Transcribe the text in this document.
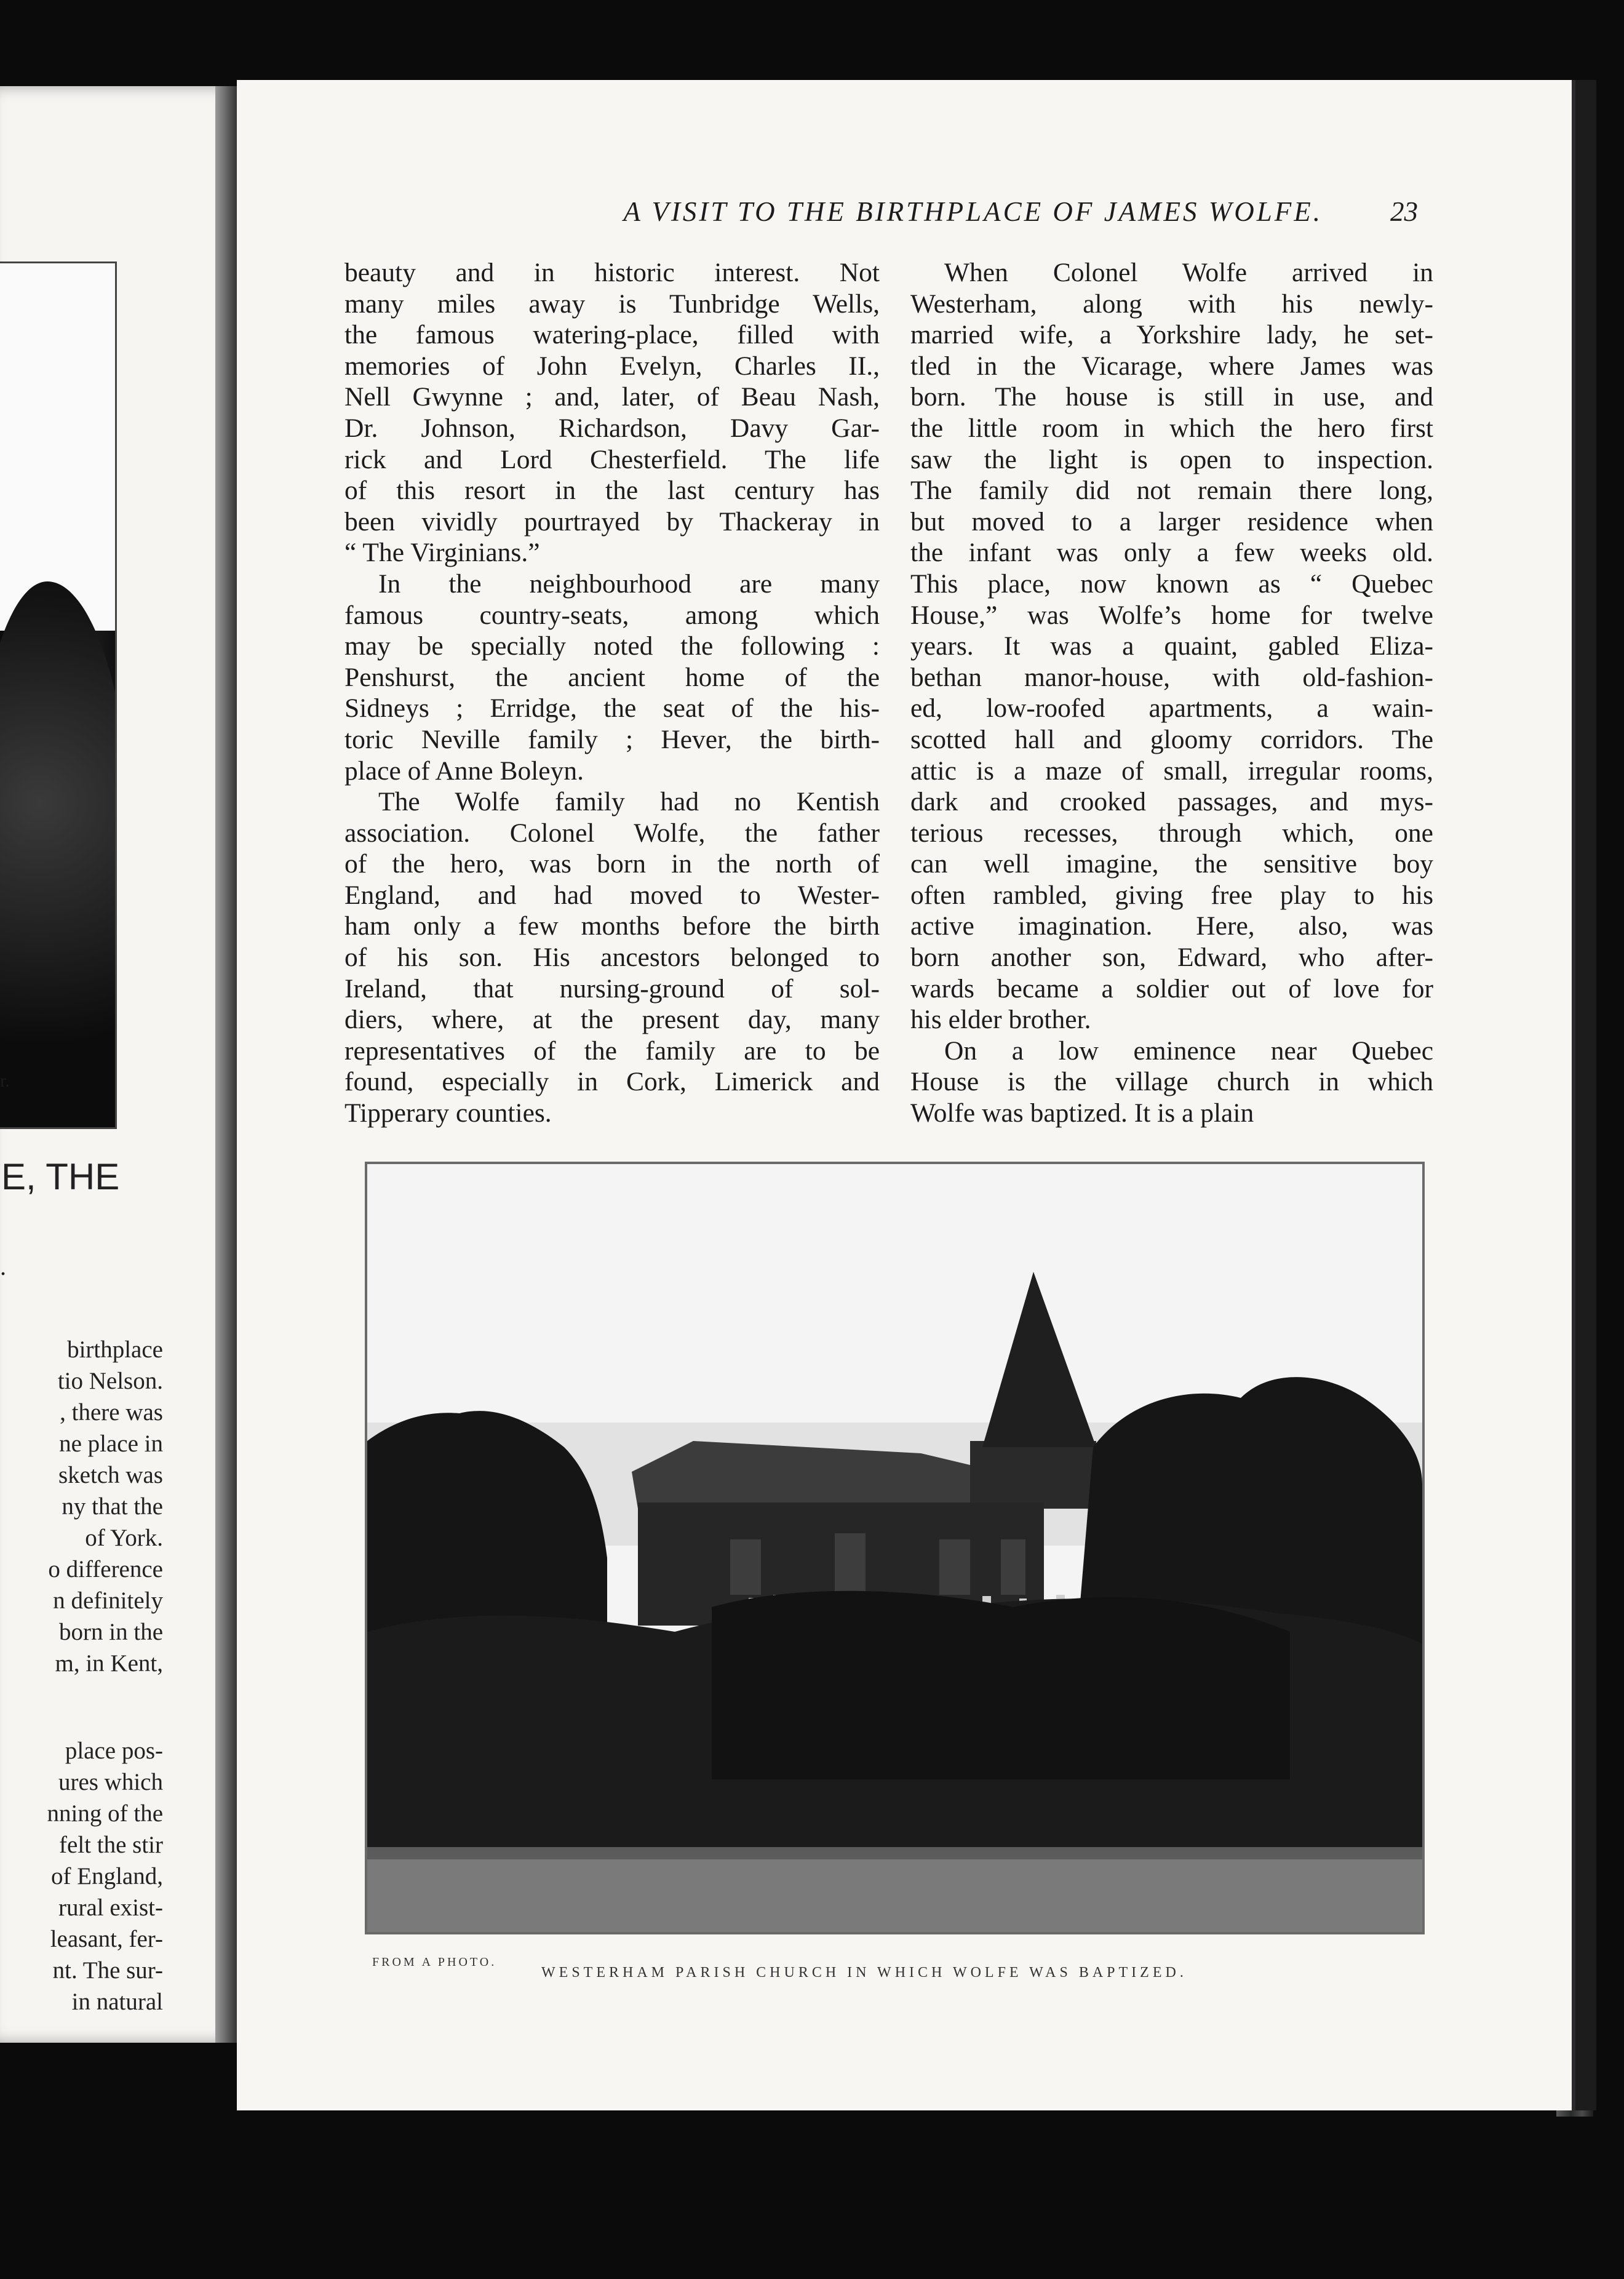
r.
E, THE
.
birthplace
tio Nelson.
, there was
ne place in
sketch was
ny that the
of York.
o difference
n definitely
born in the
m, in Kent,
place pos-
ures which
nning of the
felt the stir
of England,
rural exist-
leasant, fer-
nt. The sur-
in natural
A VISIT TO THE BIRTHPLACE OF JAMES WOLFE. 23
beauty and in historic interest. Not
many miles away is Tunbridge Wells,
the famous watering-place, filled with
memories of John Evelyn, Charles II.,
Nell Gwynne ; and, later, of Beau Nash,
Dr. Johnson, Richardson, Davy Gar-
rick and Lord Chesterfield. The life
of this resort in the last century has
been vividly pourtrayed by Thackeray in
“ The Virginians.”
In the neighbourhood are many
famous country-seats, among which
may be specially noted the following :
Penshurst, the ancient home of the
Sidneys ; Erridge, the seat of the his-
toric Neville family ; Hever, the birth-
place of Anne Boleyn.
The Wolfe family had no Kentish
association. Colonel Wolfe, the father
of the hero, was born in the north of
England, and had moved to Wester-
ham only a few months before the birth
of his son. His ancestors belonged to
Ireland, that nursing-ground of sol-
diers, where, at the present day, many
representatives of the family are to be
found, especially in Cork, Limerick and
Tipperary counties.
When Colonel Wolfe arrived in
Westerham, along with his newly-
married wife, a Yorkshire lady, he set-
tled in the Vicarage, where James was
born. The house is still in use, and
the little room in which the hero first
saw the light is open to inspection.
The family did not remain there long,
but moved to a larger residence when
the infant was only a few weeks old.
This place, now known as “ Quebec
House,” was Wolfe’s home for twelve
years. It was a quaint, gabled Eliza-
bethan manor-house, with old-fashion-
ed, low-roofed apartments, a wain-
scotted hall and gloomy corridors. The
attic is a maze of small, irregular rooms,
dark and crooked passages, and mys-
terious recesses, through which, one
can well imagine, the sensitive boy
often rambled, giving free play to his
active imagination. Here, also, was
born another son, Edward, who after-
wards became a soldier out of love for
his elder brother.
On a low eminence near Quebec
House is the village church in which
Wolfe was baptized. It is a plain
FROM A PHOTO.
WESTERHAM PARISH CHURCH IN WHICH WOLFE WAS BAPTIZED.
